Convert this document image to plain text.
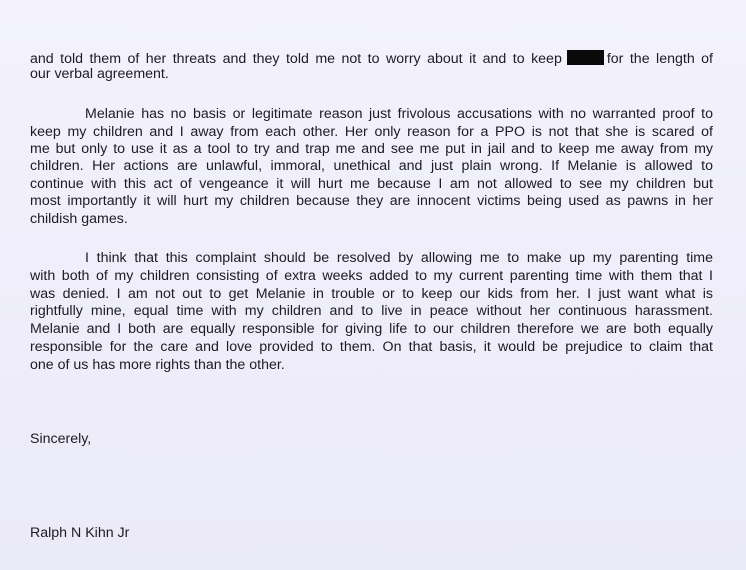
and told them of her threats and they told me not to worry about it and to keep	for the length of

our verbal agreement.

Melanie has no basis or legitimate reason just frivolous accusations with no warranted proof to

keep my children and I away from each other. Her only reason for a PPO is not that she is scared of

me but only to use it as a tool to try and trap me and see me put in jail and to keep me away from my

children. Her actions are unlawful, immoral, unethical and just plain wrong. If Melanie is allowed to

continue with this act of vengeance it will hurt me because I am not allowed to see my children but

most importantly it will hurt my children because they are innocent victims being used as pawns in her

childish games.

I think that this complaint should be resolved by allowing me to make up my parenting time

with both of my children consisting of extra weeks added to my current parenting time with them that I

was denied. I am not out to get Melanie in trouble or to keep our kids from her. I just want what is

rightfully mine, equal time with my children and to live in peace without her continuous harassment.

Melanie and I both are equally responsible for giving life to our children therefore we are both equally

responsible for the care and love provided to them. On that basis, it would be prejudice to claim that

one of us has more rights than the other.

Sincerely,

Ralph N Kihn Jr
